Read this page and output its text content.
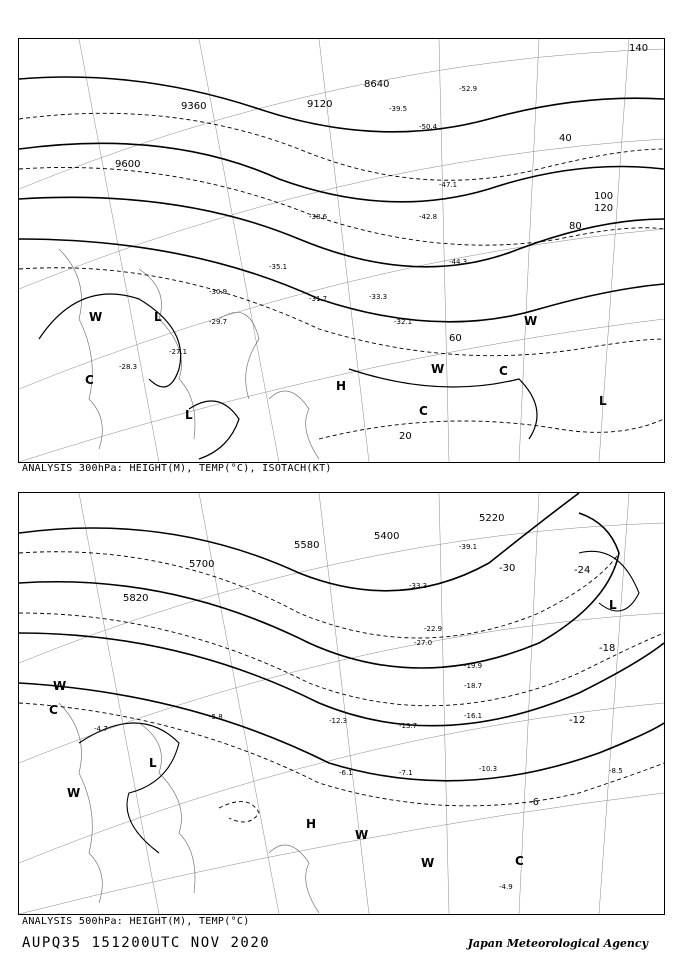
8640
9120
9360
9600
40
60
80
100
120
20
140
-52.9
-50.4
-47.1
-44.3
-42.8
-39.5
-38.6
-35.1
-33.3
-32.1
-31.7
-30.9
-29.7
-28.3
-27.1
H
L
L
L
C
C
W
W
W
C
ANALYSIS 300hPa: HEIGHT(M), TEMP(°C), ISOTACH(KT)
5220
5400
5580
5700
5820
-18
-12
-6
-24
-30
-39.1
-33.3
-27.0
-22.9
-19.9
-18.7
-16.1
-13.7
-12.3
-10.3	-8.5
-7.1
-6.1
-5.8
-4.9
-4.7
H
L
L
C
C
W
W
W
W
ANALYSIS 500hPa: HEIGHT(M), TEMP(°C)
AUPQ35 151200UTC NOV 2020	Japan Meteorological Agency
